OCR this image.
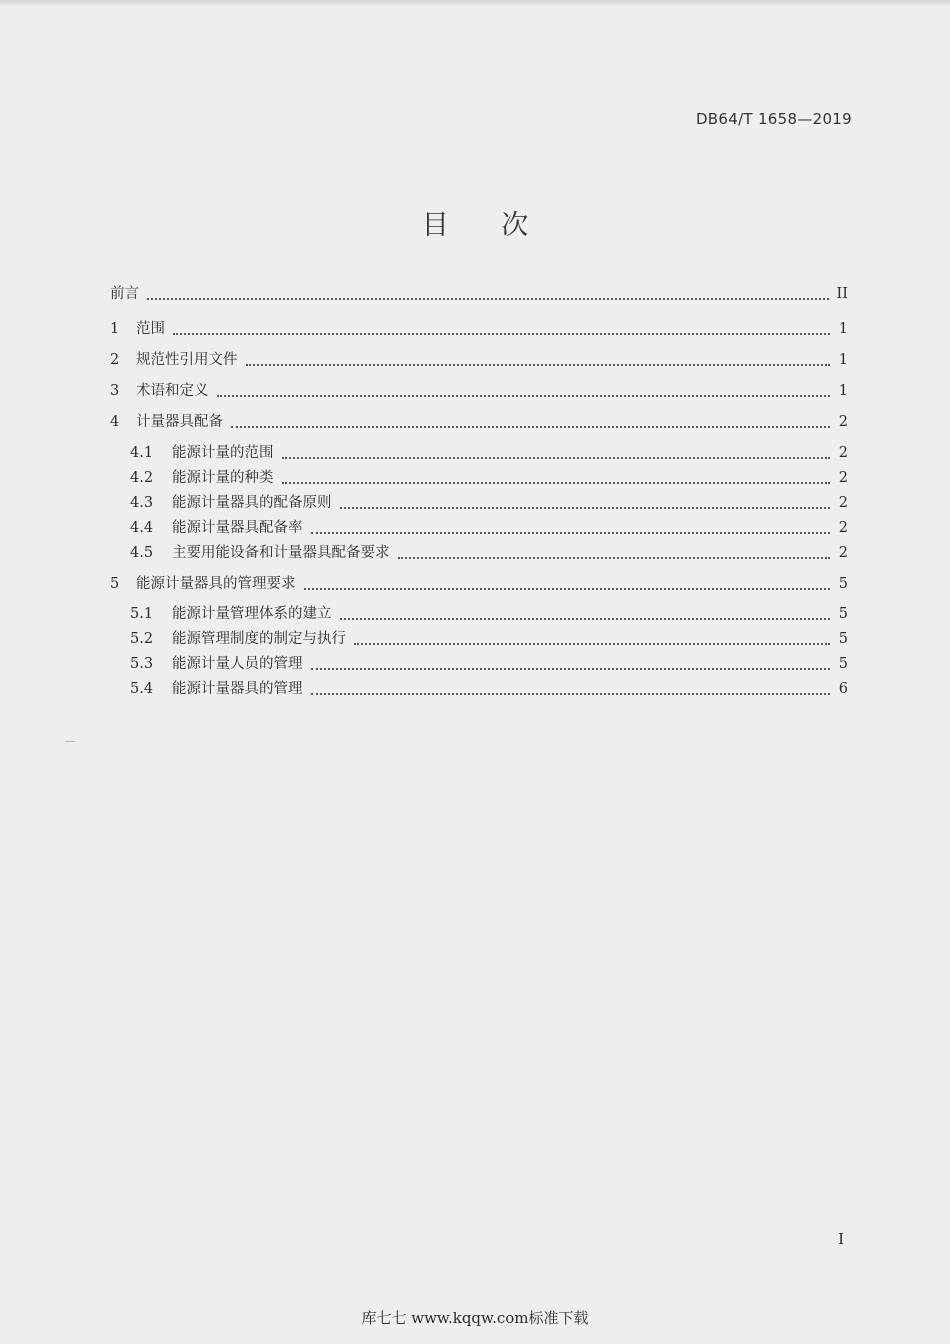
DB64/T 1658—2019
目 次
前言	II
1	范围	1
2	规范性引用文件	1
3	术语和定义	1
4	计量器具配备	2
4.1	能源计量的范围	2
4.2	能源计量的种类	2
4.3	能源计量器具的配备原则	2
4.4	能源计量器具配备率	2
4.5	主要用能设备和计量器具配备要求	2
5	能源计量器具的管理要求	5
5.1	能源计量管理体系的建立	5
5.2	能源管理制度的制定与执行	5
5.3	能源计量人员的管理	5
5.4	能源计量器具的管理	6
I
库七七 www.kqqw.com标准下载
